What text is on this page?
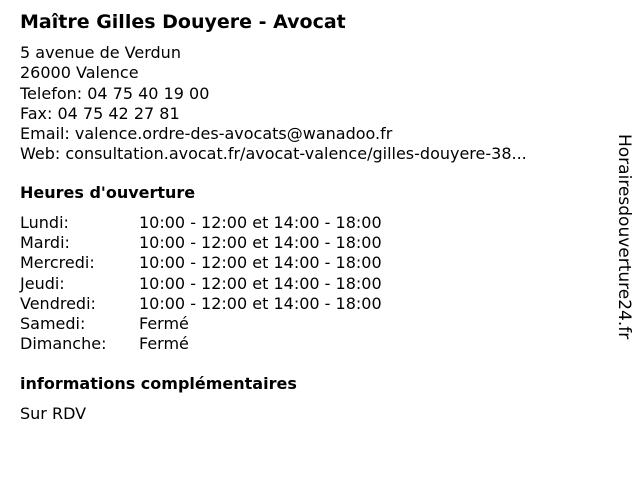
Maître Gilles Douyere - Avocat
5 avenue de Verdun
26000 Valence
Telefon: 04 75 40 19 00
Fax: 04 75 42 27 81
Email: valence.ordre-des-avocats@wanadoo.fr
Web: consultation.avocat.fr/avocat-valence/gilles-douyere-38...
Heures d'ouverture
Lundi:	10:00 - 12:00 et 14:00 - 18:00
Mardi:	10:00 - 12:00 et 14:00 - 18:00
Mercredi:	10:00 - 12:00 et 14:00 - 18:00
Jeudi:	10:00 - 12:00 et 14:00 - 18:00
Vendredi:	10:00 - 12:00 et 14:00 - 18:00
Samedi:	Fermé
Dimanche: Fermé
informations complémentaires
Sur RDV
Horairesdouverture24.fr
